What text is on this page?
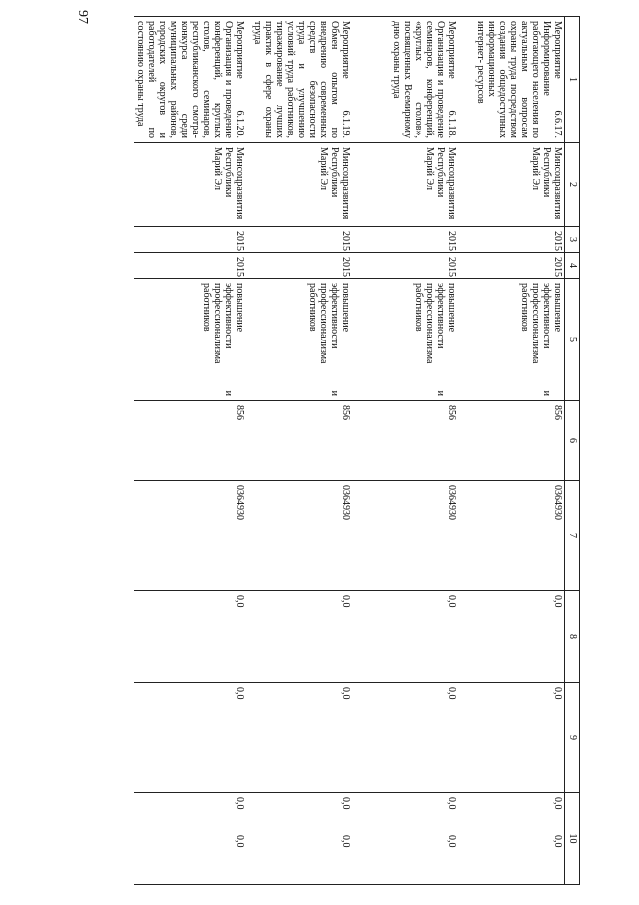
97
1	2	3	4	5	6	7	8	9	10
Мероприятие 6.6.17. Информирование работающего населения по актуальным вопросам охраны труда посредством создания общедоступных информационных интернет- ресурсов	Минсоцразвития Республики Марий Эл	2015	2015	повышение эффективности и профессионализма работников	856	0364930	0,0	0,0	0,0
0,0

Мероприятие 6.1.18. Организация и проведение семинаров, конференций, «круглых столов», посвященных Всемирному дню охраны труда	Минсоцразвития Республики Марий Эл	2015	2015	повышение эффективности и профессионализма работников	856	0364930	0,0	0,0	0,0
0,0

Мероприятие 6.1.19. Обмен опытом по внедрению современных средств безопасности труда и улучшению условий труда работников, тиражирование лучших практик в сфере охраны труда	Минсоцразвития Республики Марий Эл	2015	2015	повышение эффективности и профессионализма работников	856	0364930	0,0	0,0	0,0
0,0

Мероприятие 6.1.20. Организация и проведение конференций, круглых столов, семинаров, республиканского смотра-конкурса среди муниципальных районов, городских округов и работодателей по состоянию охраны труда	Минсоцразвития Республики Марий Эл	2015	2015	повышение эффективности и профессионализма работников	856	0364930	0,0	0,0	0,0
0,0
